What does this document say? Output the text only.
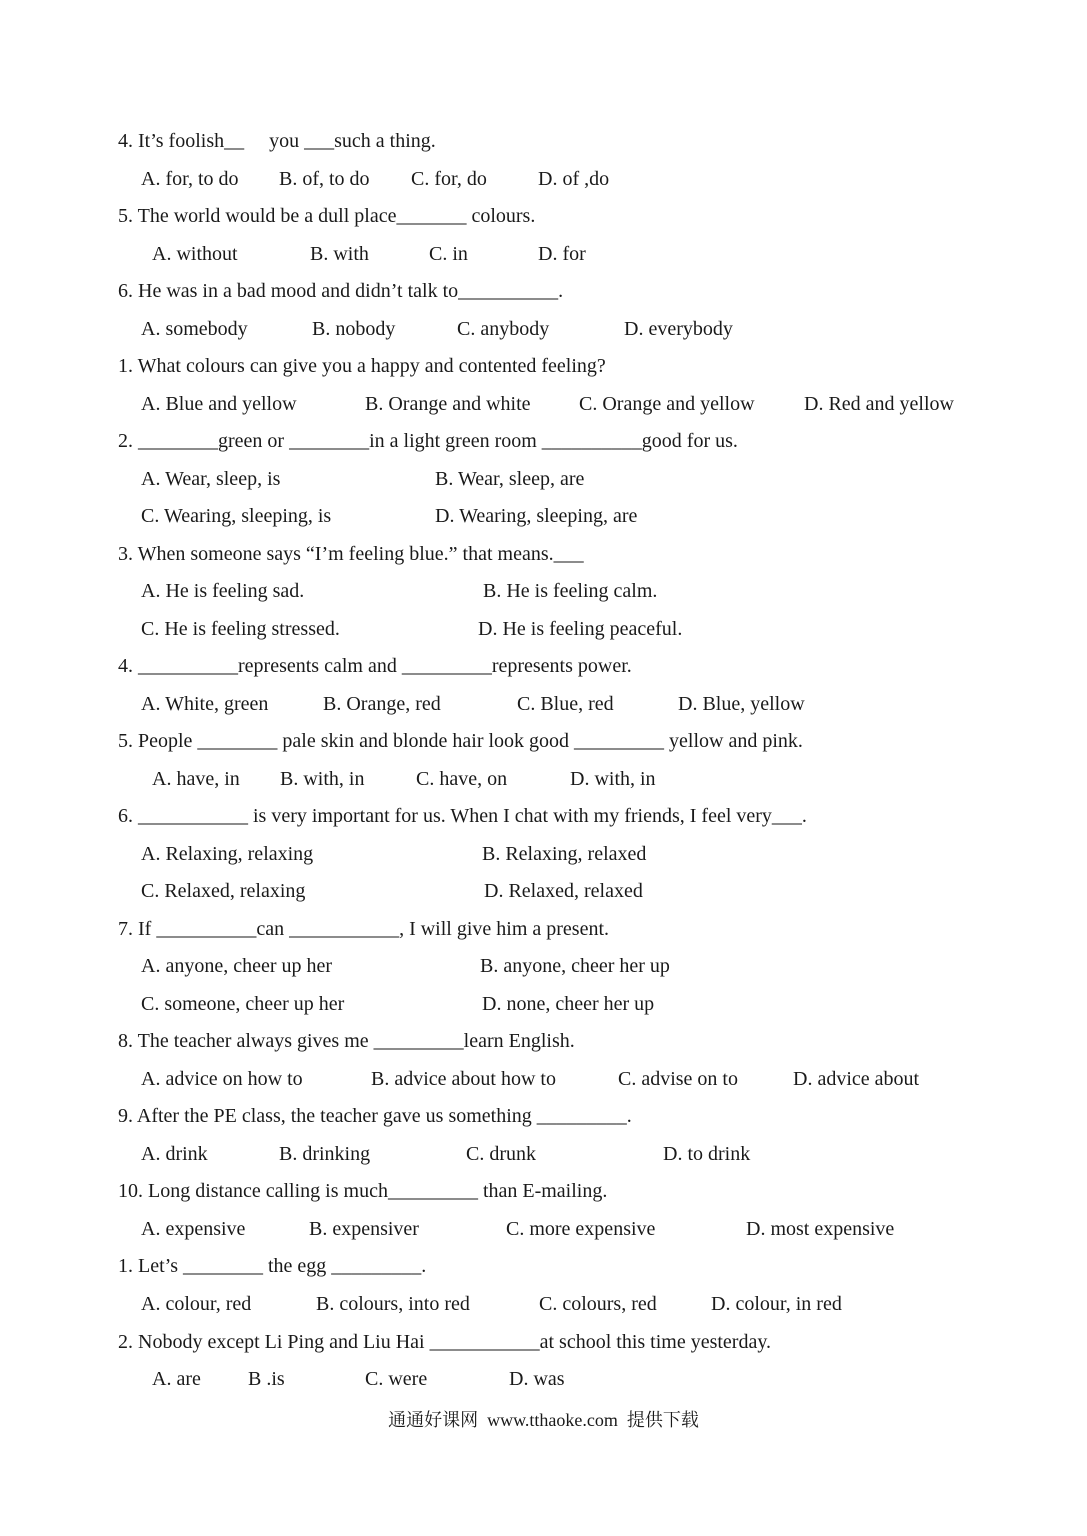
4. It’s foolish__     you ___such a thing.
A. for, to do B. of, to do C. for, do	D. of ,do
5. The world would be a dull place_______ colours.
A. without	B. with	C. in	D. for
6. He was in a bad mood and didn’t talk to__________.
A. somebody	B. nobody	C. anybody	D. everybody
1. What colours can give you a happy and contented feeling?
A. Blue and yellow	B. Orange and white C. Orange and yellow D. Red and yellow
2. ________green or ________in a light green room __________good for us.
A. Wear, sleep, is	B. Wear, sleep, are
C. Wearing, sleeping, is	D. Wearing, sleeping, are
3. When someone says “I’m feeling blue.” that means.___
A. He is feeling sad.	B. He is feeling calm.
C. He is feeling stressed.	D. He is feeling peaceful.
4. __________represents calm and _________represents power.
A. White, green	B. Orange, red	C. Blue, red	D. Blue, yellow
5. People ________ pale skin and blonde hair look good _________ yellow and pink.
A. have, in B. with, in	C. have, on	D. with, in
6. ___________ is very important for us. When I chat with my friends, I feel very___.
A. Relaxing, relaxing	B. Relaxing, relaxed
C. Relaxed, relaxing	D. Relaxed, relaxed
7. If __________can ___________, I will give him a present.
A. anyone, cheer up her	B. anyone, cheer her up
C. someone, cheer up her	D. none, cheer her up
8. The teacher always gives me _________learn English.
A. advice on how to	B. advice about how to	C. advise on to	D. advice about
9. After the PE class, the teacher gave us something _________.
A. drink	B. drinking	C. drunk	D. to drink
10. Long distance calling is much_________ than E-mailing.
A. expensive	B. expensiver	C. more expensive	D. most expensive
1. Let’s ________ the egg _________.
A. colour, red	B. colours, into red	C. colours, red	D. colour, in red
2. Nobody except Li Ping and Liu Hai ___________at school this time yesterday.
A. are B .is	C. were	D. was
通通好课网  www.tthaoke.com  提供下载
